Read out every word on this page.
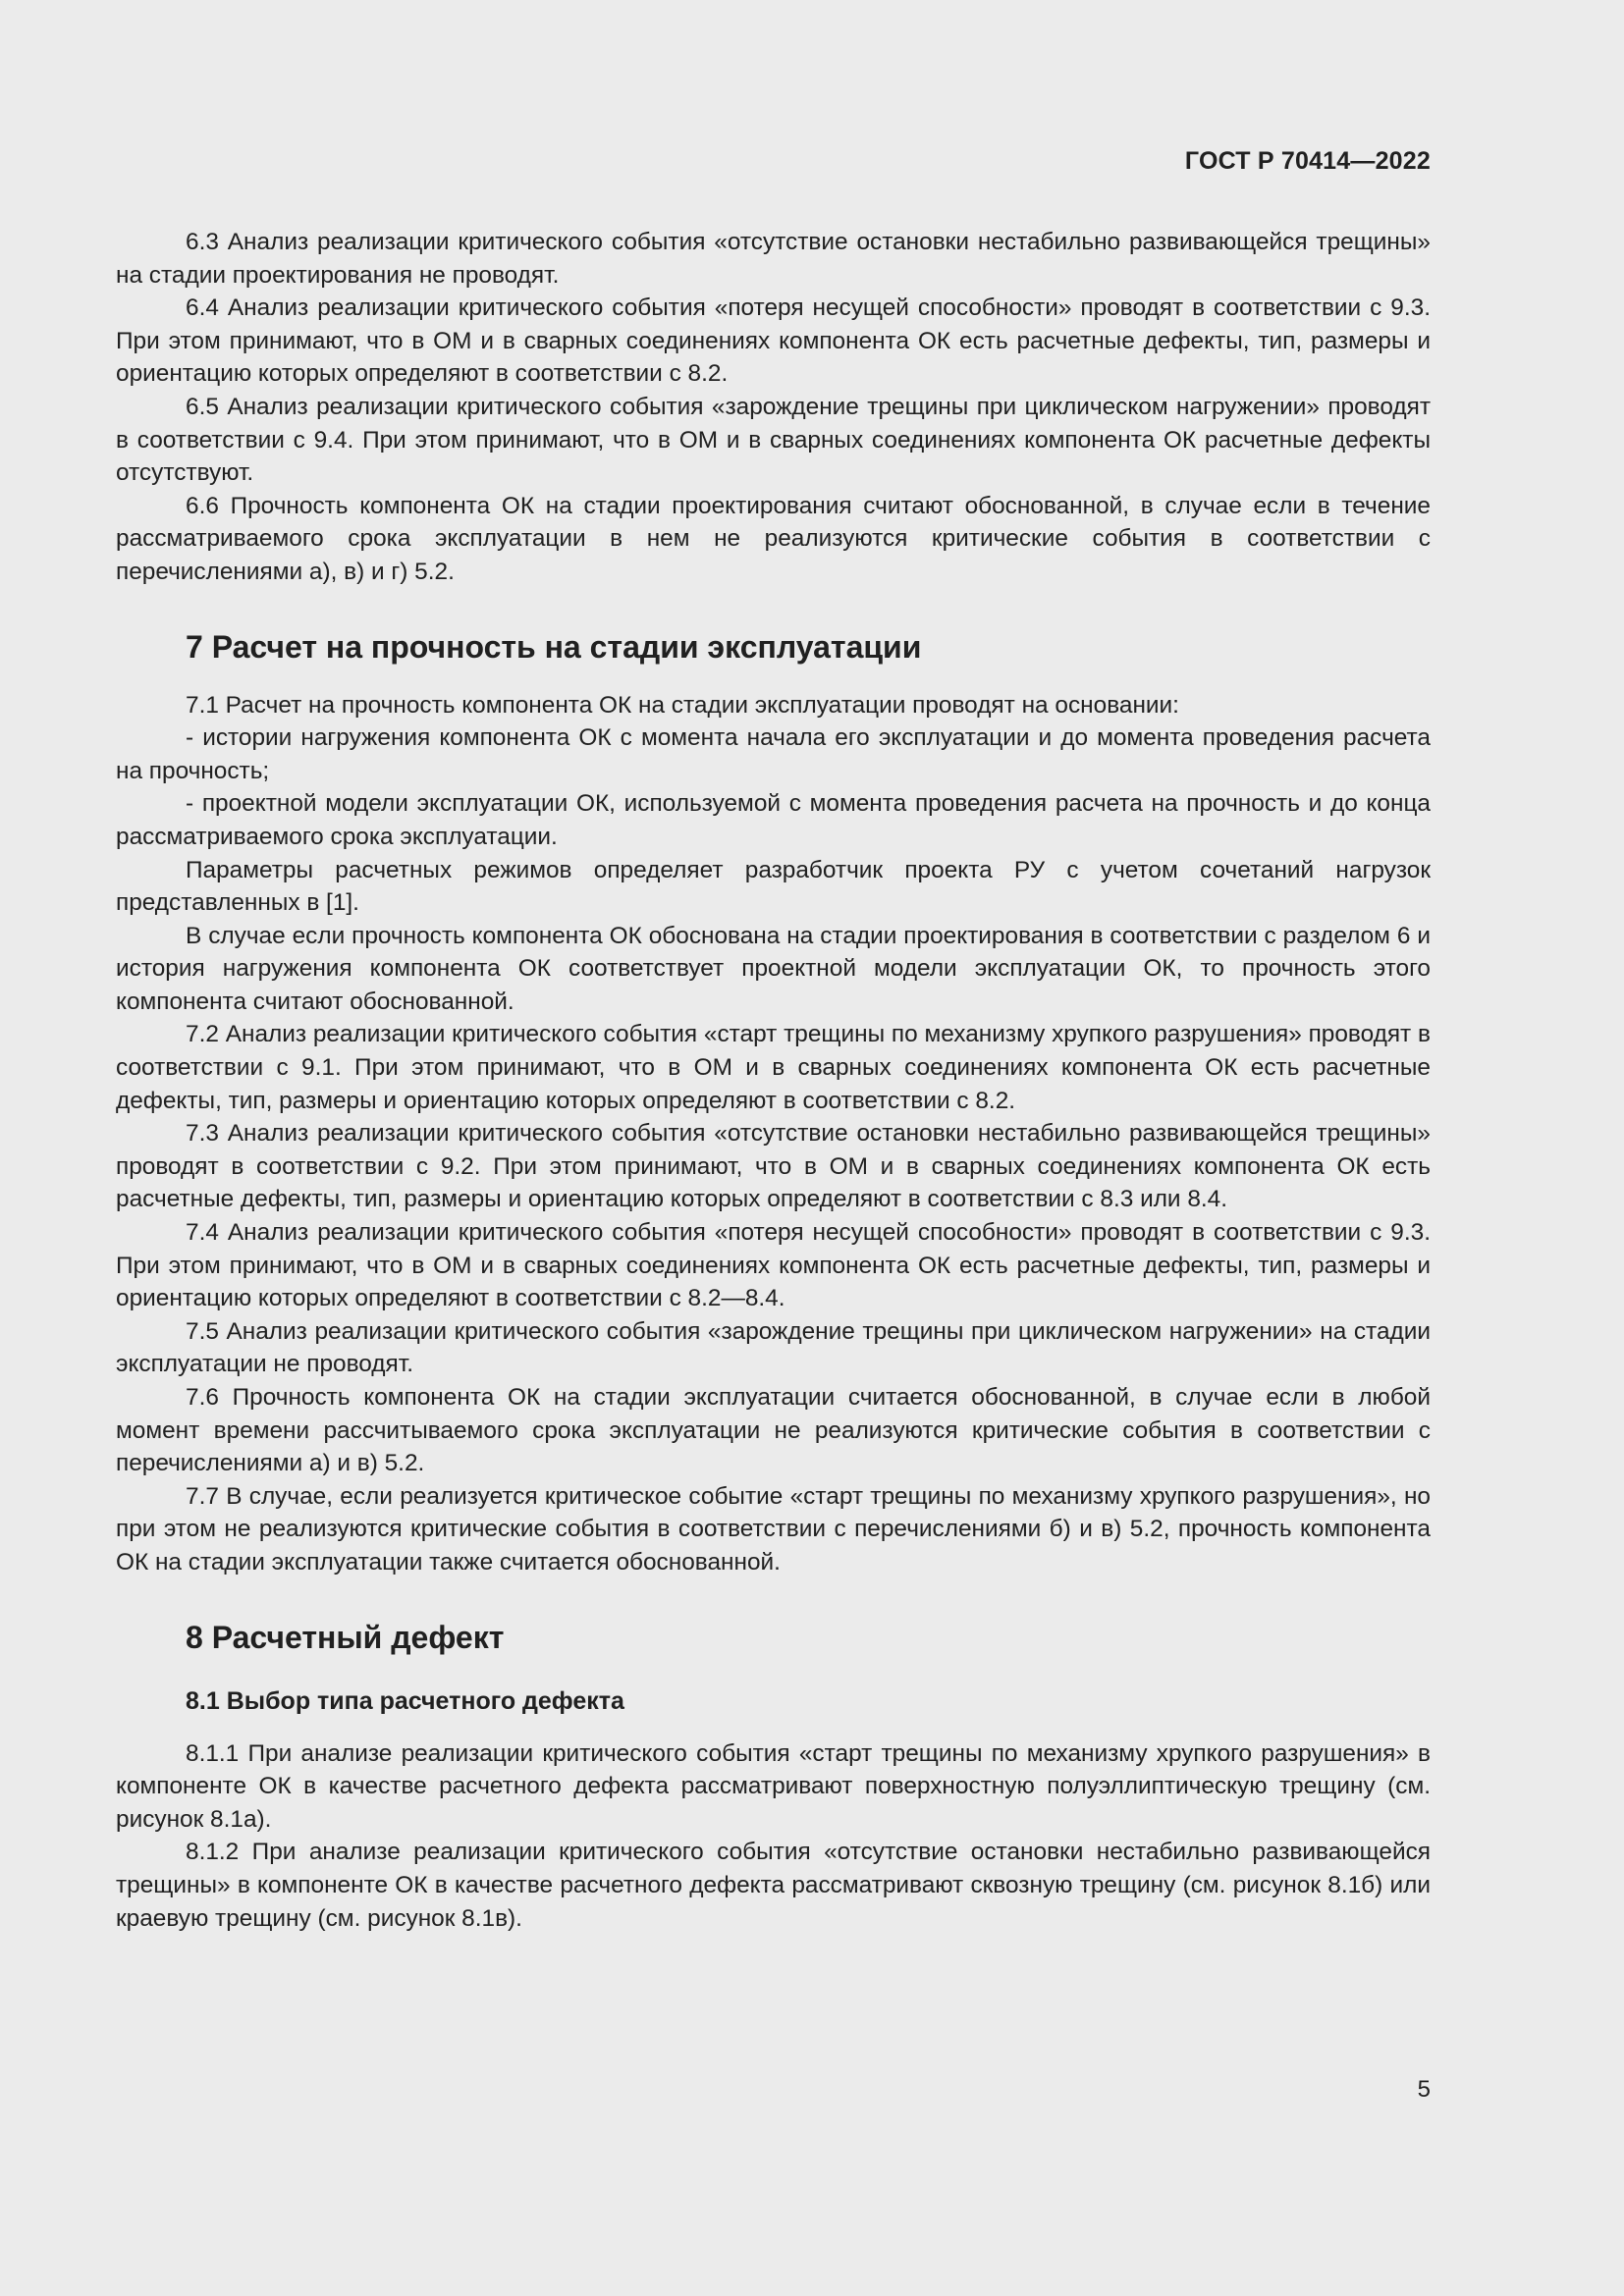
ГОСТ Р 70414—2022

6.3 Анализ реализации критического события «отсутствие остановки нестабильно развивающейся трещины» на стадии проектирования не проводят.

6.4 Анализ реализации критического события «потеря несущей способности» проводят в соответствии с 9.3. При этом принимают, что в ОМ и в сварных соединениях компонента ОК есть расчетные дефекты, тип, размеры и ориентацию которых определяют в соответствии с 8.2.

6.5 Анализ реализации критического события «зарождение трещины при циклическом нагружении» проводят в соответствии с 9.4. При этом принимают, что в ОМ и в сварных соединениях компонента ОК расчетные дефекты отсутствуют.

6.6 Прочность компонента ОК на стадии проектирования считают обоснованной, в случае если в течение рассматриваемого срока эксплуатации в нем не реализуются критические события в соответствии с перечислениями а), в) и г) 5.2.

7 Расчет на прочность на стадии эксплуатации

7.1 Расчет на прочность компонента ОК на стадии эксплуатации проводят на основании:

- истории нагружения компонента ОК с момента начала его эксплуатации и до момента проведения расчета на прочность;

- проектной модели эксплуатации ОК, используемой с момента проведения расчета на прочность и до конца рассматриваемого срока эксплуатации.

Параметры расчетных режимов определяет разработчик проекта РУ с учетом сочетаний нагрузок представленных в [1].

В случае если прочность компонента ОК обоснована на стадии проектирования в соответствии с разделом 6 и история нагружения компонента ОК соответствует проектной модели эксплуатации ОК, то прочность этого компонента считают обоснованной.

7.2 Анализ реализации критического события «старт трещины по механизму хрупкого разрушения» проводят в соответствии с 9.1. При этом принимают, что в ОМ и в сварных соединениях компонента ОК есть расчетные дефекты, тип, размеры и ориентацию которых определяют в соответствии с 8.2.

7.3 Анализ реализации критического события «отсутствие остановки нестабильно развивающейся трещины» проводят в соответствии с 9.2. При этом принимают, что в ОМ и в сварных соединениях компонента ОК есть расчетные дефекты, тип, размеры и ориентацию которых определяют в соответствии с 8.3 или 8.4.

7.4 Анализ реализации критического события «потеря несущей способности» проводят в соответствии с 9.3. При этом принимают, что в ОМ и в сварных соединениях компонента ОК есть расчетные дефекты, тип, размеры и ориентацию которых определяют в соответствии с 8.2—8.4.

7.5 Анализ реализации критического события «зарождение трещины при циклическом нагружении» на стадии эксплуатации не проводят.

7.6 Прочность компонента ОК на стадии эксплуатации считается обоснованной, в случае если в любой момент времени рассчитываемого срока эксплуатации не реализуются критические события в соответствии с перечислениями а) и в) 5.2.

7.7 В случае, если реализуется критическое событие «старт трещины по механизму хрупкого разрушения», но при этом не реализуются критические события в соответствии с перечислениями б) и в) 5.2, прочность компонента ОК на стадии эксплуатации также считается обоснованной.

8 Расчетный дефект
8.1 Выбор типа расчетного дефекта

8.1.1 При анализе реализации критического события «старт трещины по механизму хрупкого разрушения» в компоненте ОК в качестве расчетного дефекта рассматривают поверхностную полуэллиптическую трещину (см. рисунок 8.1а).

8.1.2 При анализе реализации критического события «отсутствие остановки нестабильно развивающейся трещины» в компоненте ОК в качестве расчетного дефекта рассматривают сквозную трещину (см. рисунок 8.1б) или краевую трещину (см. рисунок 8.1в).

5
